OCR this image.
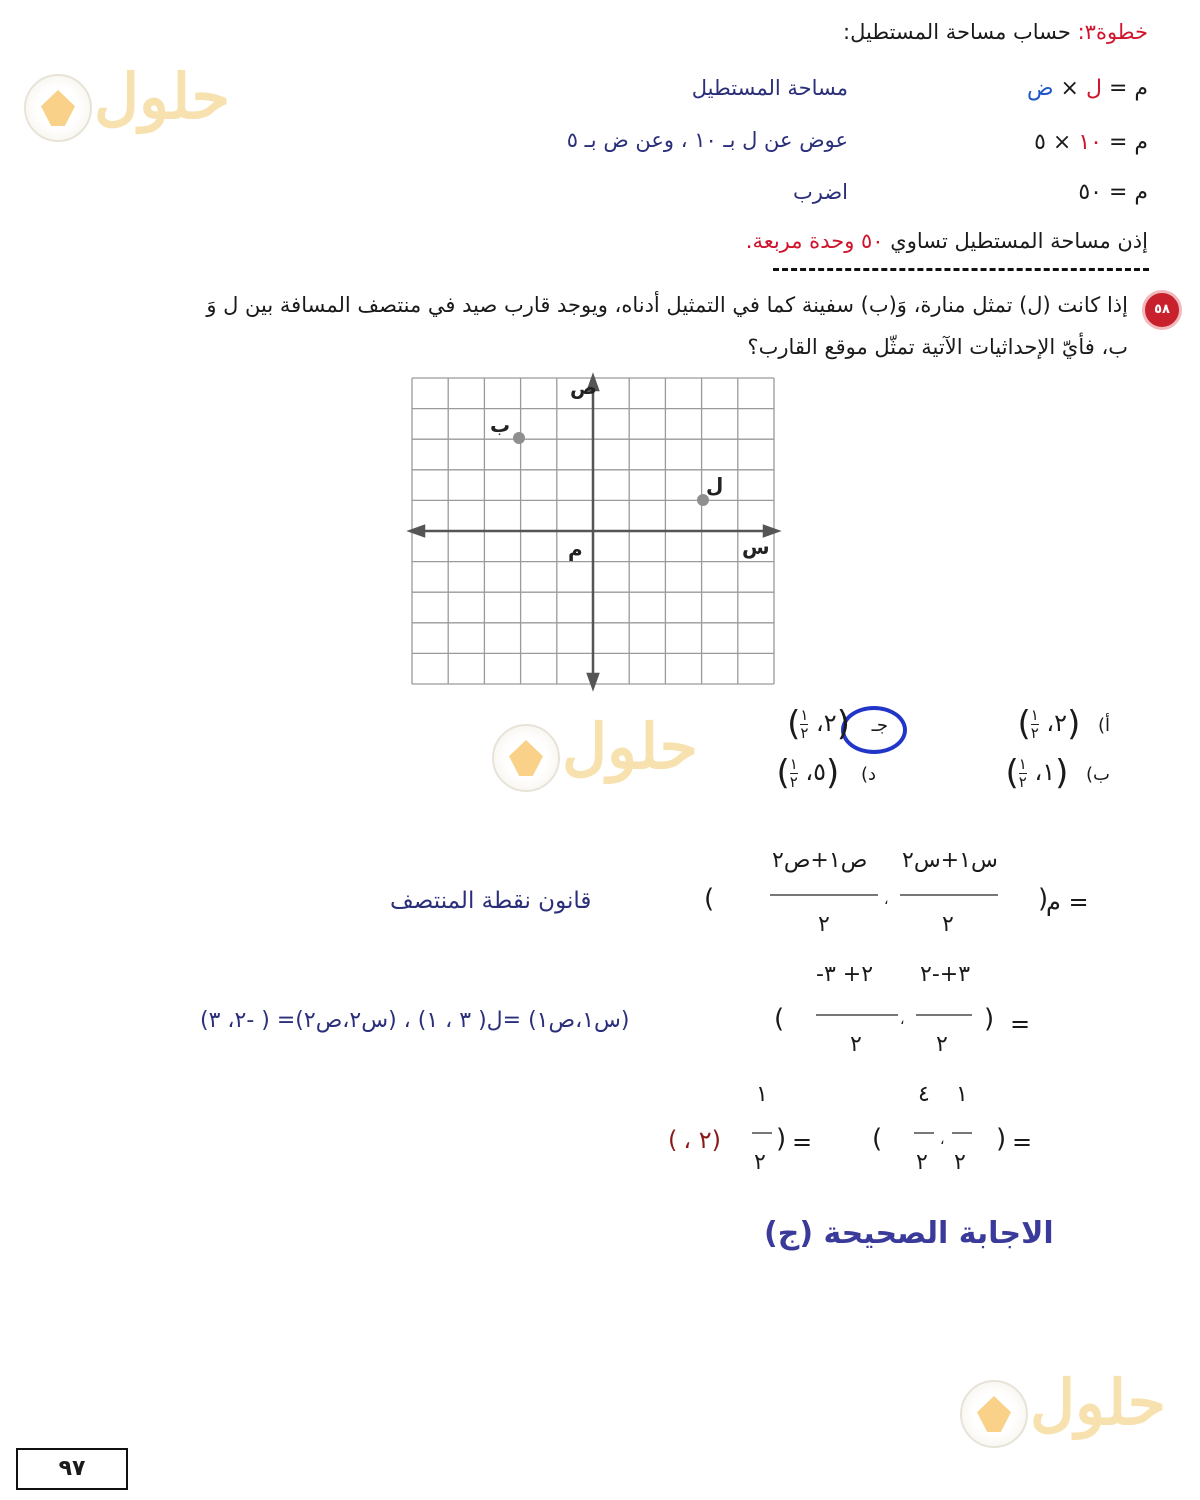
خطوة٣: حساب مساحة المستطيل:
م = ل × ض
مساحة المستطيل
م = ١٠ × ٥
عوض عن ل بـ ١٠ ، وعن ض بـ ٥
م = ٥٠
اضرب
إذن مساحة المستطيل تساوي ٥٠ وحدة مربعة.
٥٨
إذا كانت (ل) تمثل منارة، وَ(ب) سفينة كما في التمثيل أدناه، ويوجد قارب صيد في منتصف المسافة بين ل وَ
ب، فأيّ الإحداثيات الآتية تمثّل موقع القارب؟
ص
س
م
ب
ل
أ) (٢،
$\frac{١}{٢}$
)
ب) (١،
$\frac{١}{٢}$
)
جـ (٢،
$\frac{١}{٢}$
)
د) (٥،
$\frac{١}{٢}$
)
م =
)
س١+س٢
٢
،
ص١+ص٢
٢
(
قانون نقطة المنتصف
=
)
٣+-٢
٢
،
-٢+ ٣
٢
(
(س١،ص١) =ل( ٣ ، ١) ، (س٢،ص٢)= ( -٢، ٣)
=
)
١
٢
،
٤
٢
(
=
)
١
٢
( ، ٢)
الاجابة الصحيحة (ج)
حلول
حلول
حلول
٩٧
